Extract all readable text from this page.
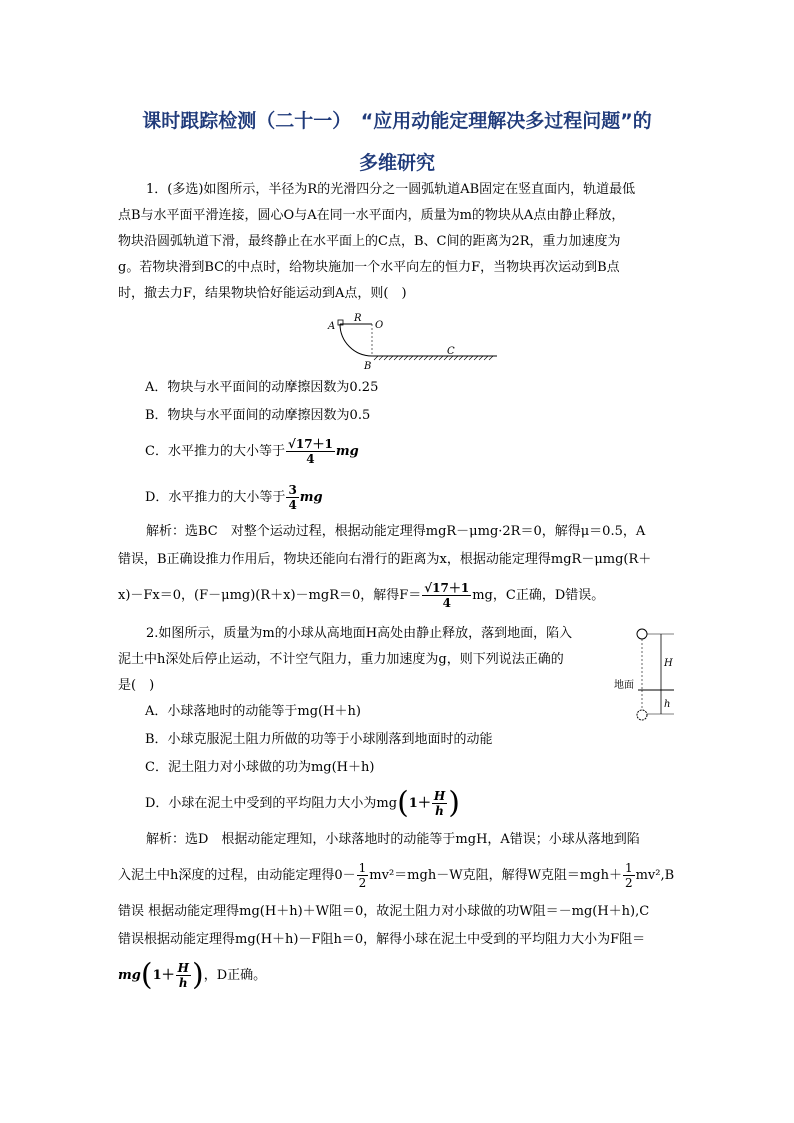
课时跟踪检测（二十一）　“应用动能定理解决多过程问题”的
多维研究
1．(多选)如图所示，半径为R的光滑四分之一圆弧轨道AB固定在竖直面内，轨道最低
点B与水平面平滑连接，圆心O与A在同一水平面内，质量为m的物块从A点由静止释放，
物块沿圆弧轨道下滑，最终静止在水平面上的C点，B、C间的距离为2R，重力加速度为
g。若物块滑到BC的中点时，给物块施加一个水平向左的恒力F，当物块再次运动到B点
时，撤去力F，结果物块恰好能运动到A点，则(　)
A
R
O
B
C
A．物块与水平面间的动摩擦因数为0.25
B．物块与水平面间的动摩擦因数为0.5
C．水平推力的大小等于 $\frac{√17+1}{4}$ mg
D．水平推力的大小等于 $\frac{3}{4}$ mg
解析：选BC　对整个运动过程，根据动能定理得mgR－μmg·2R＝0，解得μ＝0.5，A
错误，B正确设推力作用后，物块还能向右滑行的距离为x，根据动能定理得mgR－μmg(R＋
x)－Fx＝0，(F－μmg)(R＋x)－mgR＝0，解得$F= \frac{√17+1}{4}$ mg，C正确，D错误。
2.如图所示，质量为m的小球从高地面H高处由静止释放，落到地面，陷入
泥土中h深处后停止运动，不计空气阻力，重力加速度为g，则下列说法正确的
是(　)
H
地面
h
A．小球落地时的动能等于mg(H＋h)
B．小球克服泥土阻力所做的功等于小球刚落到地面时的动能
C．泥土阻力对小球做的功为mg(H＋h)
D．小球在泥土中受到的平均阻力大小为$mg(1+ \frac{H}{h}$ )
解析：选D　根据动能定理知，小球落地时的动能等于mgH，A错误；小球从落地到陷
入泥土中h深度的过程，由动能定理得$0- \frac{1}{2} mv^2=mgh-W$克阻，解得W克阻$=mgh+ \frac{1}{2} mv^2,B$
错误 根据动能定理得mg(H＋h)＋W阻＝0，故泥土阻力对小球做的功W阻＝－mg(H＋h),C
错误根据动能定理得mg(H＋h)－F阻h＝0，解得小球在泥土中受到的平均阻力大小为F阻＝
$mg(1+ \frac{H}{h}$ )，D正确。
